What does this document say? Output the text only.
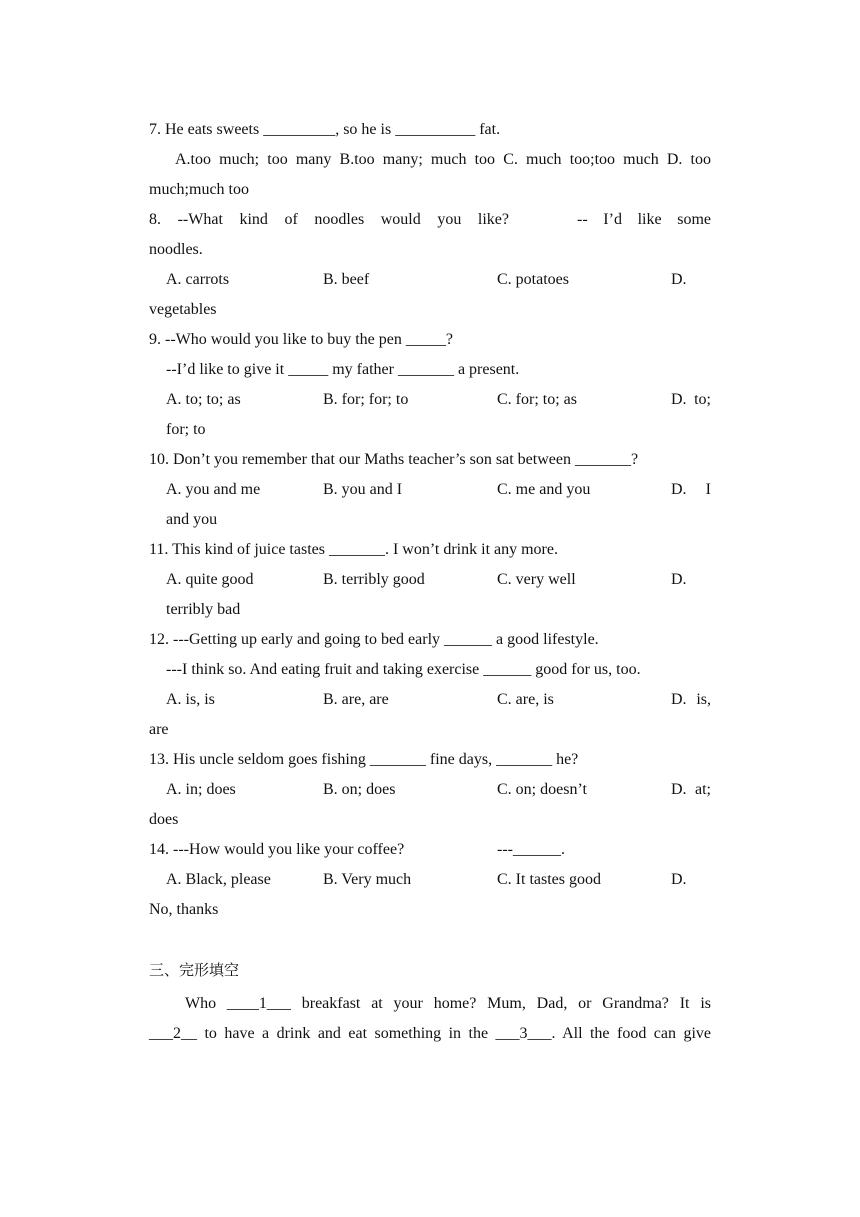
7. He eats sweets _________, so he is __________ fat.
A.too much; too many B.too many; much too C. much too;too much D. too
much;much too
8. --What kind of noodles would you like?	-- I’d like some
noodles.
A. carrots	B. beef	C. potatoes	D.
vegetables
9. --Who would you like to buy the pen _____?
--I’d like to give it _____ my father _______ a present.
A. to; to; as	B. for; for; to	C. for; to; as	D. to;
for; to
10. Don’t you remember that our Maths teacher’s son sat between _______?
A. you and me	B. you and I	C. me and you	D. I
and you
11. This kind of juice tastes _______. I won’t drink it any more.
A. quite good	B. terribly good	C. very well	D.
terribly bad
12. ---Getting up early and going to bed early ______ a good lifestyle.
---I think so. And eating fruit and taking exercise ______ good for us, too.
A. is, is	B. are, are	C. are, is	D. is,
are
13. His uncle seldom goes fishing _______ fine days, _______ he?
A. in; does	B. on; does	C. on; doesn’t	D. at;
does
14. ---How would you like your coffee?	---______.
A. Black, please	B. Very much	C. It tastes good	D.
No, thanks
三、完形填空
Who ____1___ breakfast at your home? Mum, Dad, or Grandma? It is
___2__ to have a drink and eat something in the ___3___. All the food can give
